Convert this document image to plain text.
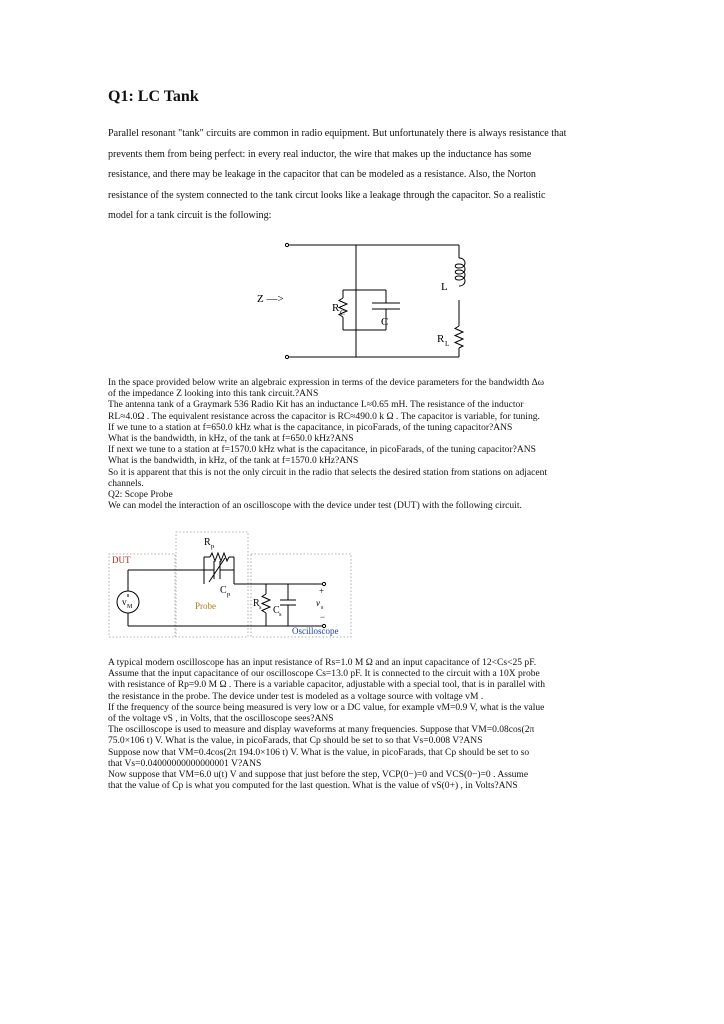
Q1: LC Tank

Parallel resonant "tank" circuits are common in radio equipment. But unfortunately there is always resistance that
prevents them from being perfect: in every real inductor, the wire that makes up the inductance has some
resistance, and there may be leakage in the capacitor that can be modeled as a resistance. Also, the Norton
resistance of the system connected to the tank circut looks like a leakage through the capacitor. So a realistic
model for a tank circuit is the following:

Z —>
L
C
R C
R L

In the space provided below write an algebraic expression in terms of the device parameters for the bandwidth Δω
of the impedance Z looking into this tank circuit.?ANS
The antenna tank of a Graymark 536 Radio Kit has an inductance L≈0.65 mH. The resistance of the inductor
RL≈4.0Ω . The equivalent resistance across the capacitor is RC≈490.0 k Ω . The capacitor is variable, for tuning.
If we tune to a station at f=650.0 kHz what is the capacitance, in picoFarads, of the tuning capacitor?ANS
What is the bandwidth, in kHz, of the tank at f=650.0 kHz?ANS
If next we tune to a station at f=1570.0 kHz what is the capacitance, in picoFarads, of the tuning capacitor?ANS
What is the bandwidth, in kHz, of the tank at f=1570.0 kHz?ANS
So it is apparent that this is not the only circuit in the radio that selects the desired station from stations on adjacent
channels.
Q2: Scope Probe
We can model the interaction of an oscilloscope with the device under test (DUT) with the following circuit.

DUT
Probe
Oscilloscope
R p
C p
R s C s
v M	v s
+
−

A typical modern oscilloscope has an input resistance of Rs=1.0 M Ω and an input capacitance of 12<Cs<25 pF.
Assume that the input capacitance of our oscilloscope Cs=13.0 pF. It is connected to the circuit with a 10X probe
with resistance of Rp=9.0 M Ω . There is a variable capacitor, adjustable with a special tool, that is in parallel with
the resistance in the probe. The device under test is modeled as a voltage source with voltage vM .
If the frequency of the source being measured is very low or a DC value, for example vM=0.9 V, what is the value
of the voltage vS , in Volts, that the oscilloscope sees?ANS
The oscilloscope is used to measure and display waveforms at many frequencies. Suppose that VM=0.08cos(2π
75.0×106 t) V. What is the value, in picoFarads, that Cp should be set to so that Vs=0.008 V?ANS
Suppose now that VM=0.4cos(2π 194.0×106 t) V. What is the value, in picoFarads, that Cp should be set to so
that Vs=0.04000000000000001 V?ANS
Now suppose that VM=6.0 u(t) V and suppose that just before the step, VCP(0−)=0 and VCS(0−)=0 . Assume
that the value of Cp is what you computed for the last question. What is the value of vS(0+) , in Volts?ANS
